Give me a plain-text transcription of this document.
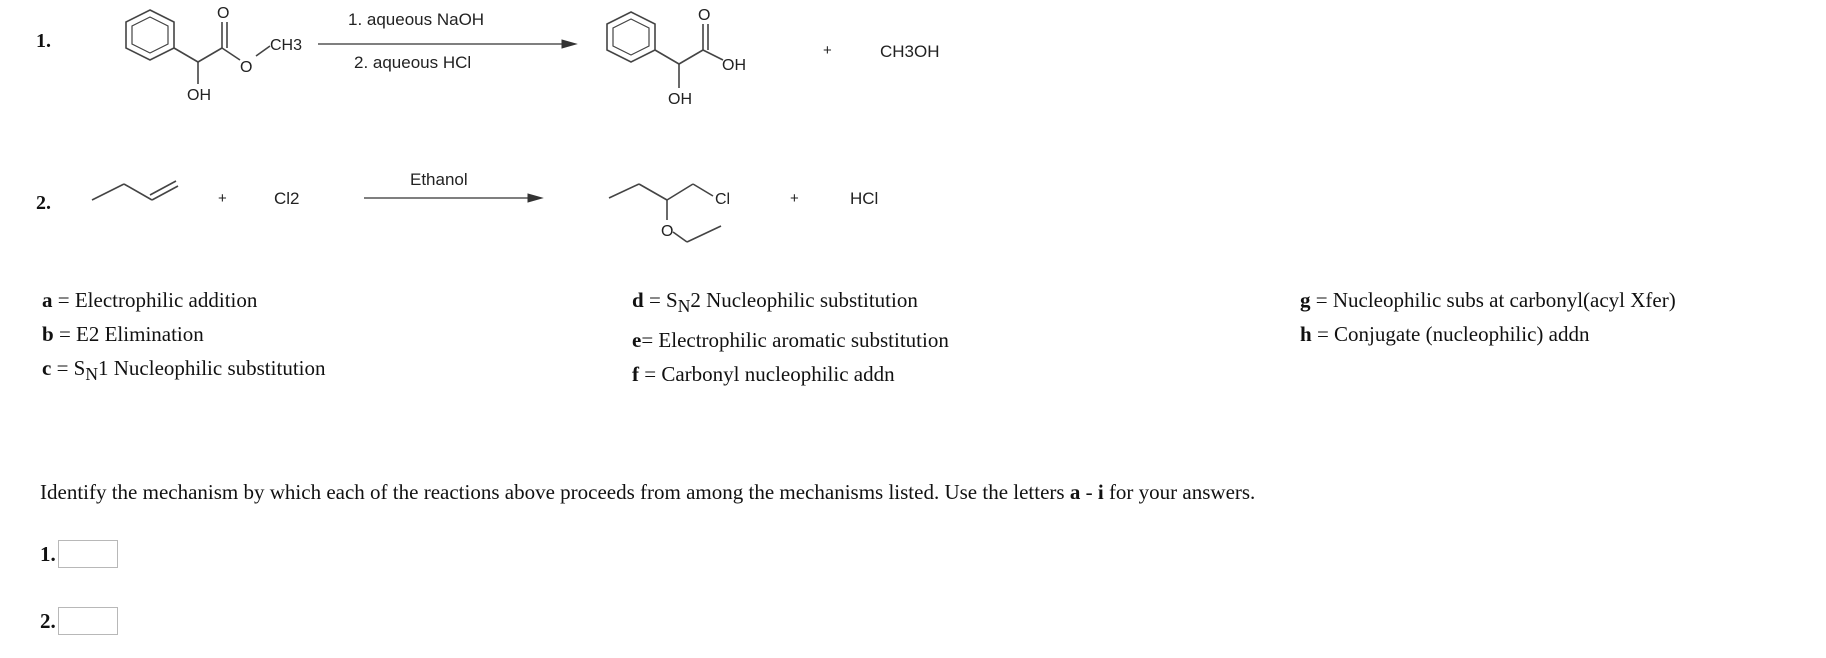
1.
O
O
CH3
OH
1. aqueous NaOH
2. aqueous HCl
O
OH
OH
+	CH3OH
2.	+	Cl2
Ethanol
Cl
O
+	HCl
a = Electrophilic addition
b = E2 Elimination
$c = S_N1$ Nucleophilic substitution
$d = S_N2$ Nucleophilic substitution
e= Electrophilic aromatic substitution
f = Carbonyl nucleophilic addn
g = Nucleophilic subs at carbonyl(acyl Xfer)
h = Conjugate (nucleophilic) addn
Identify the mechanism by which each of the reactions above proceeds from among the mechanisms listed. Use the letters a - i for your answers.
1.
2.
